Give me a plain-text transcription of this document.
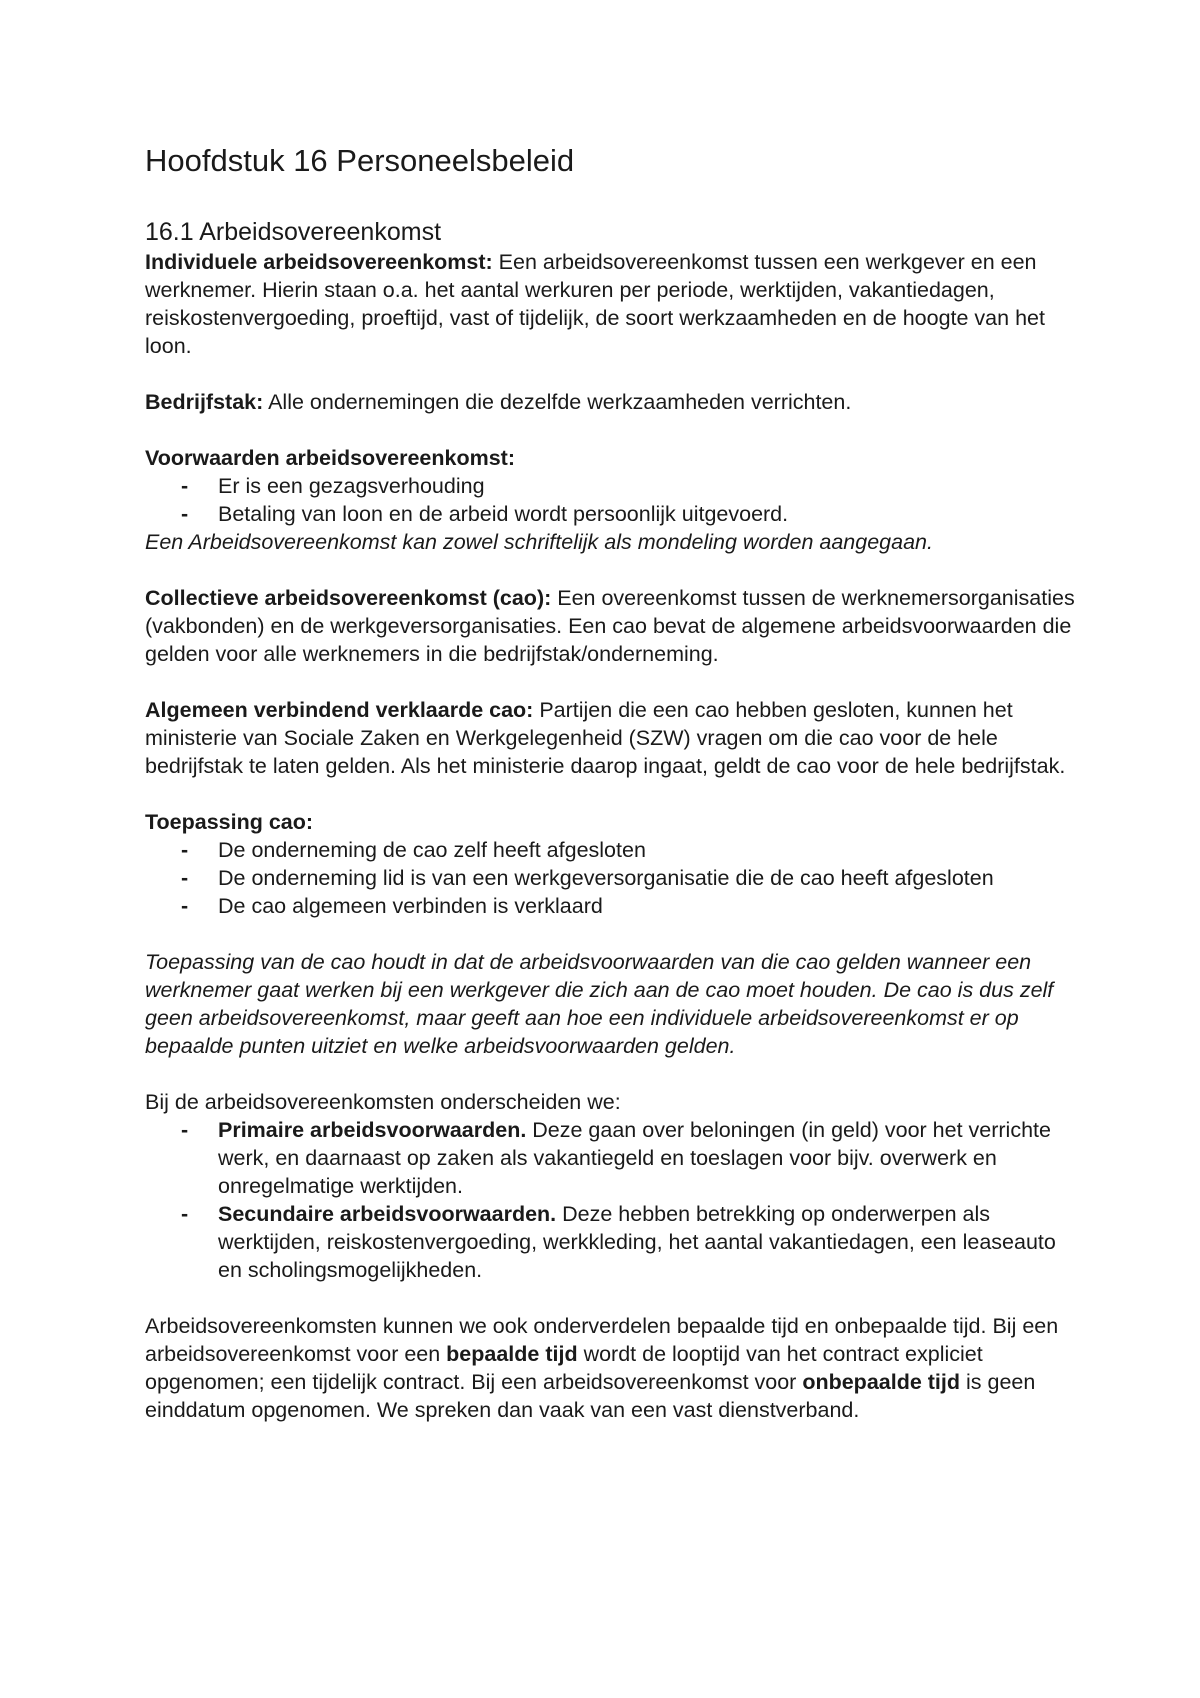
Hoofdstuk 16 Personeelsbeleid
16.1 Arbeidsovereenkomst

Individuele arbeidsovereenkomst: Een arbeidsovereenkomst tussen een werkgever en een werknemer. Hierin staan o.a. het aantal werkuren per periode, werktijden, vakantiedagen, reiskostenvergoeding, proeftijd, vast of tijdelijk, de soort werkzaamheden en de hoogte van het loon.

Bedrijfstak: Alle ondernemingen die dezelfde werkzaamheden verrichten.

Voorwaarden arbeidsovereenkomst:

- Er is een gezagsverhouding
- Betaling van loon en de arbeid wordt persoonlijk uitgevoerd.

Een Arbeidsovereenkomst kan zowel schriftelijk als mondeling worden aangegaan.

Collectieve arbeidsovereenkomst (cao): Een overeenkomst tussen de werknemersorganisaties (vakbonden) en de werkgeversorganisaties. Een cao bevat de algemene arbeidsvoorwaarden die gelden voor alle werknemers in die bedrijfstak/onderneming.

Algemeen verbindend verklaarde cao: Partijen die een cao hebben gesloten, kunnen het ministerie van Sociale Zaken en Werkgelegenheid (SZW) vragen om die cao voor de hele bedrijfstak te laten gelden. Als het ministerie daarop ingaat, geldt de cao voor de hele bedrijfstak.

Toepassing cao:

- De onderneming de cao zelf heeft afgesloten
- De onderneming lid is van een werkgeversorganisatie die de cao heeft afgesloten
- De cao algemeen verbinden is verklaard

Toepassing van de cao houdt in dat de arbeidsvoorwaarden van die cao gelden wanneer een werknemer gaat werken bij een werkgever die zich aan de cao moet houden. De cao is dus zelf geen arbeidsovereenkomst, maar geeft aan hoe een individuele arbeidsovereenkomst er op bepaalde punten uitziet en welke arbeidsvoorwaarden gelden.

Bij de arbeidsovereenkomsten onderscheiden we:

- Primaire arbeidsvoorwaarden. Deze gaan over beloningen (in geld) voor het verrichte werk, en daarnaast op zaken als vakantiegeld en toeslagen voor bijv. overwerk en onregelmatige werktijden.
- Secundaire arbeidsvoorwaarden. Deze hebben betrekking op onderwerpen als werktijden, reiskostenvergoeding, werkkleding, het aantal vakantiedagen, een leaseauto en scholingsmogelijkheden.

Arbeidsovereenkomsten kunnen we ook onderverdelen bepaalde tijd en onbepaalde tijd. Bij een arbeidsovereenkomst voor een bepaalde tijd wordt de looptijd van het contract expliciet opgenomen; een tijdelijk contract. Bij een arbeidsovereenkomst voor onbepaalde tijd is geen einddatum opgenomen. We spreken dan vaak van een vast dienstverband.
